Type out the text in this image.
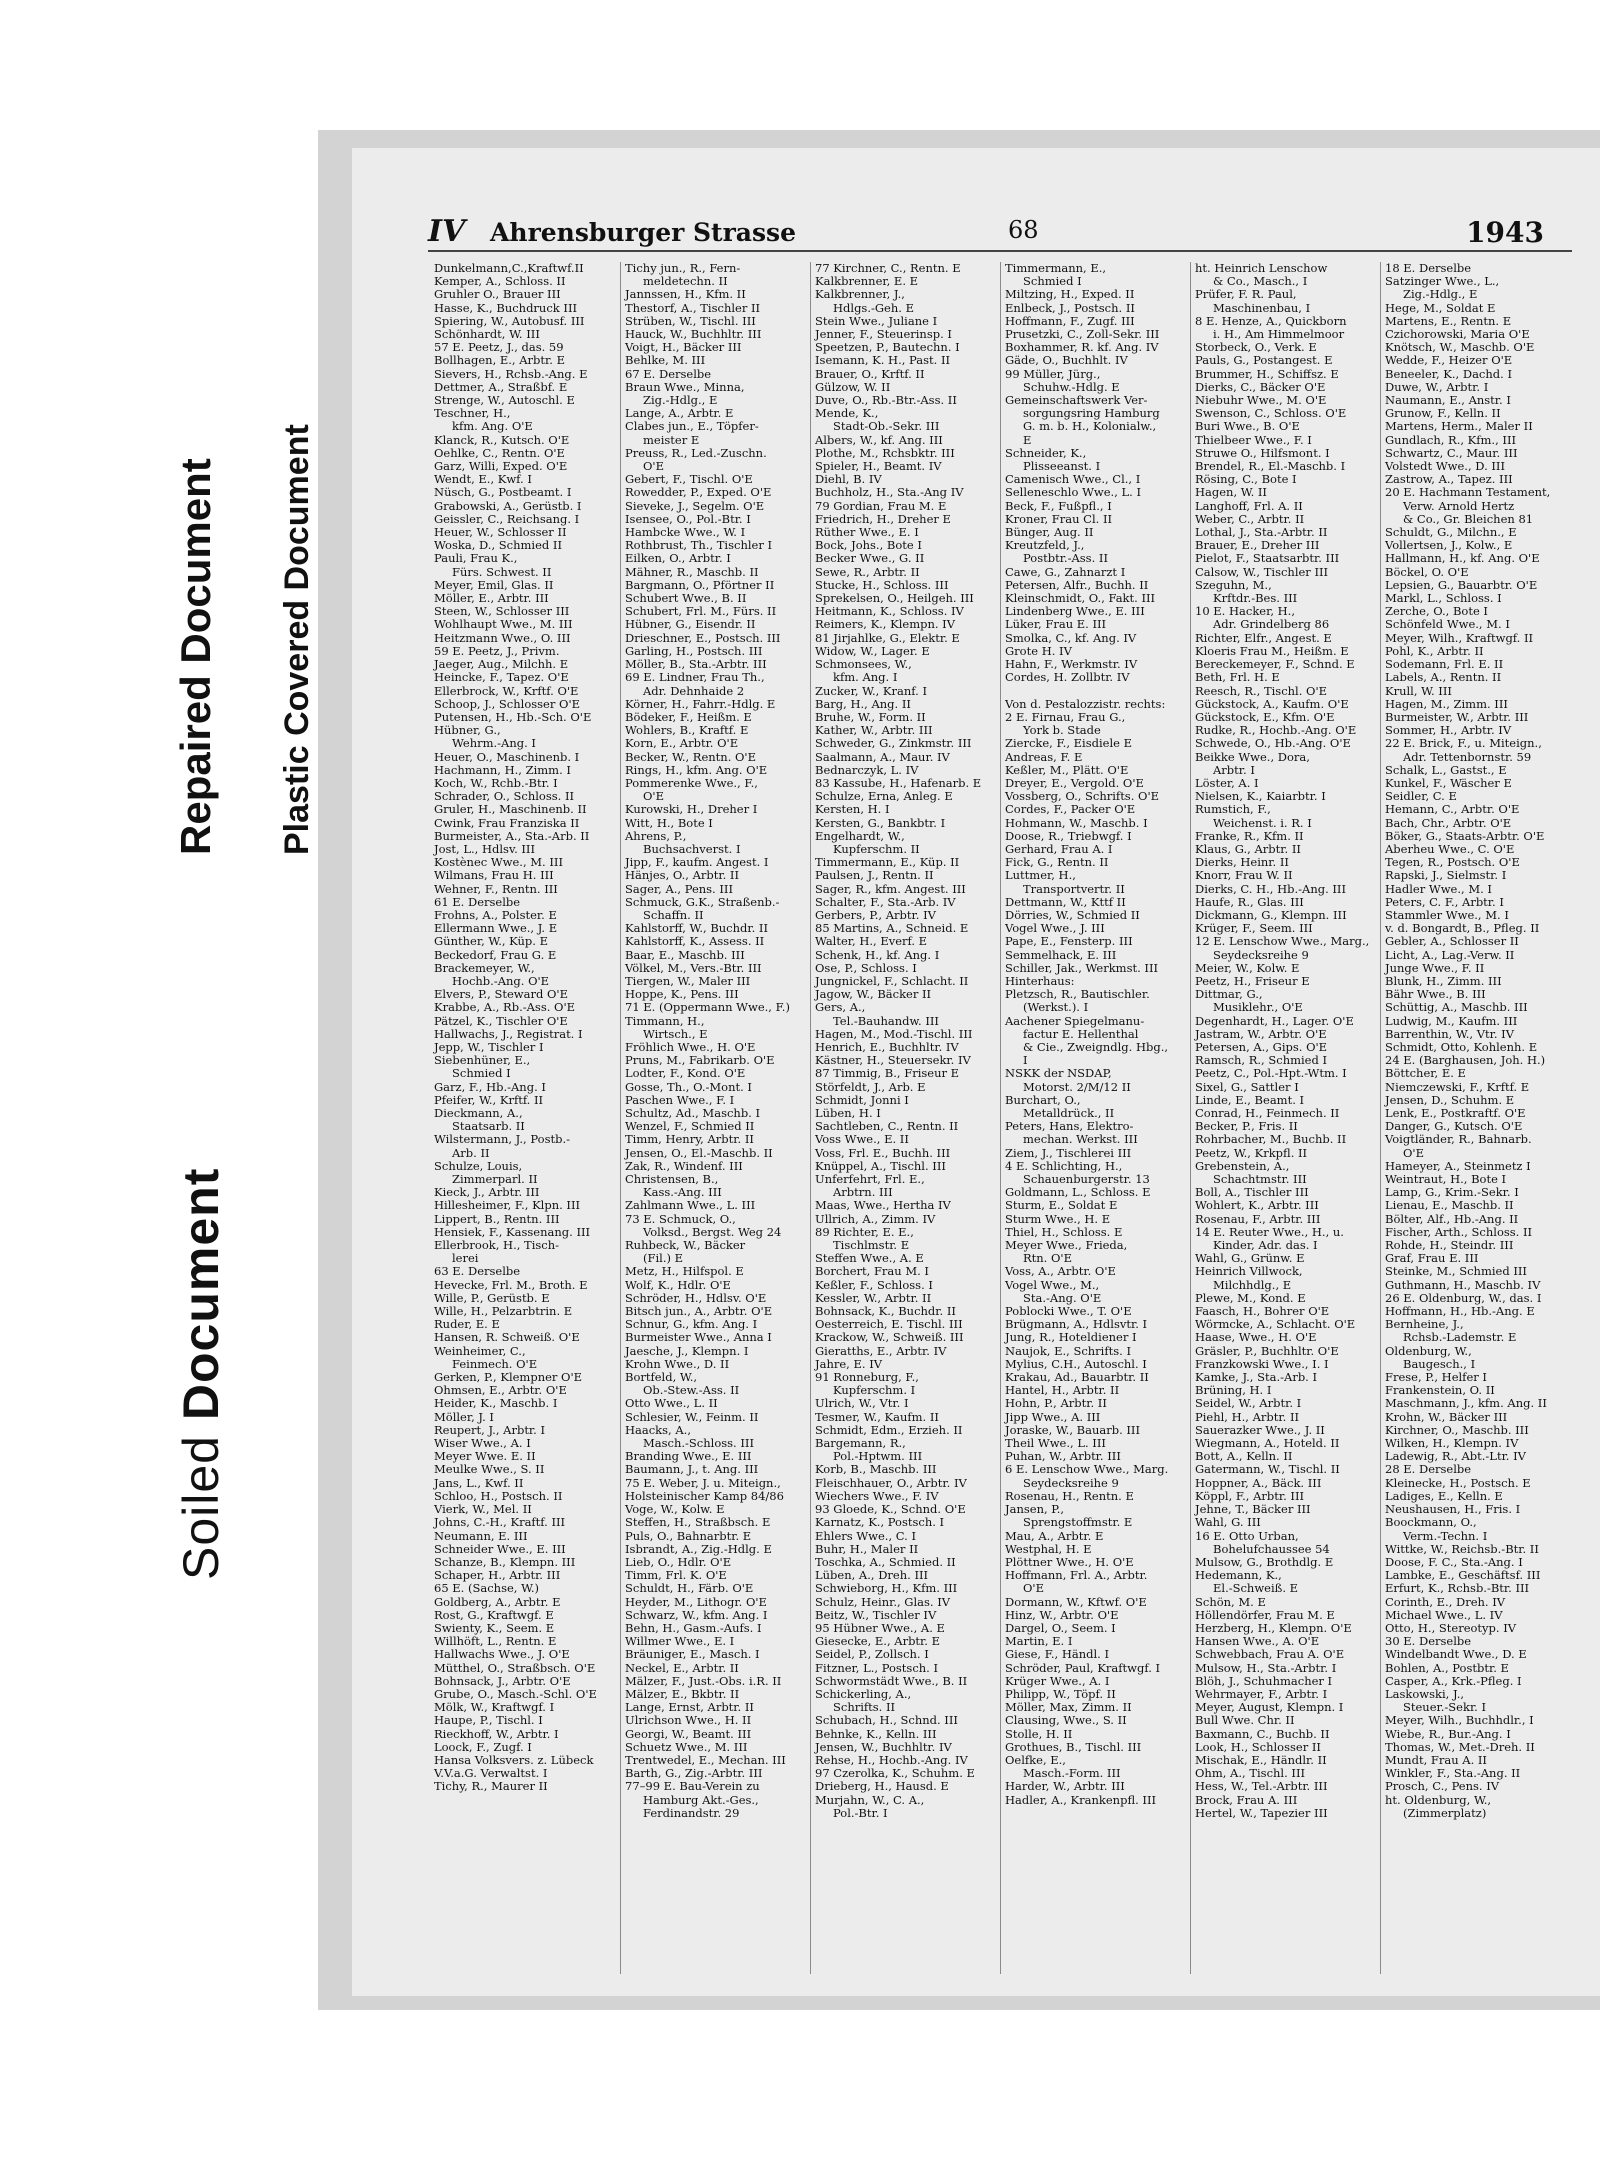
Repaired Document Plastic Covered Document
Soiled Document
IV Ahrensburger Strasse	68	1943
Dunkelmann,C.,Kraftwf.II
Kemper, A., Schloss. II
Gruhler O., Brauer III
Hasse, K., Buchdruck III
Spiering, W., Autobusf. III
Schönhardt, W. III
57 E. Peetz, J., das. 59
Bollhagen, E., Arbtr. E
Sievers, H., Rchsb.-Ang. E
Dettmer, A., Straßbf. E
Strenge, W., Autoschl. E
Teschner, H.,
kfm. Ang. O'E
Klanck, R., Kutsch. O'E
Oehlke, C., Rentn. O'E
Garz, Willi, Exped. O'E
Wendt, E., Kwf. I
Nüsch, G., Postbeamt. I
Grabowski, A., Gerüstb. I
Geissler, C., Reichsang. I
Heuer, W., Schlosser II
Woska, D., Schmied II
Pauli, Frau K.,
Fürs. Schwest. II
Meyer, Emil, Glas. II
Möller, E., Arbtr. III
Steen, W., Schlosser III
Wohlhaupt Wwe., M. III
Heitzmann Wwe., O. III
59 E. Peetz, J., Privm.
Jaeger, Aug., Milchh. E
Heincke, F., Tapez. O'E
Ellerbrock, W., Krftf. O'E
Schoop, J., Schlosser O'E
Putensen, H., Hb.-Sch. O'E
Hübner, G.,
Wehrm.-Ang. I
Heuer, O., Maschinenb. I
Hachmann, H., Zimm. I
Koch, W., Rchb.-Btr. I
Schrader, O., Schloss. II
Gruler, H., Maschinenb. II
Cwink, Frau Franziska II
Burmeister, A., Sta.-Arb. II
Jost, L., Hdlsv. III
Kostènec Wwe., M. III
Wilmans, Frau H. III
Wehner, F., Rentn. III
61 E. Derselbe
Frohns, A., Polster. E
Ellermann Wwe., J. E
Günther, W., Küp. E
Beckedorf, Frau G. E
Brackemeyer, W.,
Hochb.-Ang. O'E
Elvers, P., Steward O'E
Krabbe, A., Rb.-Ass. O'E
Pätzel, K., Tischler O'E
Hallwachs, J., Registrat. I
Jepp, W., Tischler I
Siebenhüner, E.,
Schmied I
Garz, F., Hb.-Ang. I
Pfeifer, W., Krftf. II
Dieckmann, A.,
Staatsarb. II
Wilstermann, J., Postb.-
Arb. II
Schulze, Louis,
Zimmerparl. II
Kieck, J., Arbtr. III
Hillesheimer, F., Klpn. III
Lippert, B., Rentn. III
Hensiek, F., Kassenang. III
Ellerbrook, H., Tisch-
lerei
63 E. Derselbe
Hevecke, Frl. M., Broth. E
Wille, P., Gerüstb. E
Wille, H., Pelzarbtrin. E
Ruder, E. E
Hansen, R. Schweiß. O'E
Weinheimer, C.,
Feinmech. O'E
Gerken, P., Klempner O'E
Ohmsen, E., Arbtr. O'E
Heider, K., Maschb. I
Möller, J. I
Reupert, J., Arbtr. I
Wiser Wwe., A. I
Meyer Wwe. E. II
Meulke Wwe., S. II
Jans, L., Kwf. II
Schloo, H., Postsch. II
Vierk, W., Mel. II
Johns, C.-H., Kraftf. III
Neumann, E. III
Schneider Wwe., E. III
Schanze, B., Klempn. III
Schaper, H., Arbtr. III
65 E. (Sachse, W.)
Goldberg, A., Arbtr. E
Rost, G., Kraftwgf. E
Swienty, K., Seem. E
Willhöft, L., Rentn. E
Hallwachs Wwe., J. O'E
Mütthel, O., Straßbsch. O'E
Bohnsack, J., Arbtr. O'E
Grube, O., Masch.-Schl. O'E
Mölk, W., Kraftwgf. I
Haupe, P., Tischl. I
Rieckhoff, W., Arbtr. I
Loock, F., Zugf. I
Hansa Volksvers. z. Lübeck
V.V.a.G. Verwaltst. I
Tichy, R., Maurer II
Tichy jun., R., Fern-
meldetechn. II
Jannssen, H., Kfm. II
Thestorf, A., Tischler II
Strüben, W., Tischl. III
Hauck, W., Buchhltr. III
Voigt, H., Bäcker III
Behlke, M. III
67 E. Derselbe
Braun Wwe., Minna,
Zig.-Hdlg., E
Lange, A., Arbtr. E
Clabes jun., E., Töpfer-
meister E
Preuss, R., Led.-Zuschn.
O'E
Gebert, F., Tischl. O'E
Rowedder, P., Exped. O'E
Sieveke, J., Segelm. O'E
Isensee, O., Pol.-Btr. I
Hambcke Wwe., W. I
Rothbrust, Th., Tischler I
Eilken, O., Arbtr. I
Mähner, R., Maschb. II
Bargmann, O., Pförtner II
Schubert Wwe., B. II
Schubert, Frl. M., Fürs. II
Hübner, G., Eisendr. II
Drieschner, E., Postsch. III
Garling, H., Postsch. III
Möller, B., Sta.-Arbtr. III
69 E. Lindner, Frau Th.,
Adr. Dehnhaide 2
Körner, H., Fahrr.-Hdlg. E
Bödeker, F., Heißm. E
Wohlers, B., Kraftf. E
Korn, E., Arbtr. O'E
Becker, W., Rentn. O'E
Rings, H., kfm. Ang. O'E
Pommerenke Wwe., F.,
O'E
Kurowski, H., Dreher I
Witt, H., Bote I
Ahrens, P.,
Buchsachverst. I
Jipp, F., kaufm. Angest. I
Hänjes, O., Arbtr. II
Sager, A., Pens. III
Schmuck, G.K., Straßenb.-
Schaffn. II
Kahlstorff, W., Buchdr. II
Kahlstorff, K., Assess. II
Baar, E., Maschb. III
Völkel, M., Vers.-Btr. III
Tiergen, W., Maler III
Hoppe, K., Pens. III
71 E. (Oppermann Wwe., F.)
Timmann, H.,
Wirtsch., E
Fröhlich Wwe., H. O'E
Pruns, M., Fabrikarb. O'E
Lodter, F., Kond. O'E
Gosse, Th., O.-Mont. I
Paschen Wwe., F. I
Schultz, Ad., Maschb. I
Wenzel, F., Schmied II
Timm, Henry, Arbtr. II
Jensen, O., El.-Maschb. II
Zak, R., Windenf. III
Christensen, B.,
Kass.-Ang. III
Zahlmann Wwe., L. III
73 E. Schmuck, O.,
Volksd., Bergst. Weg 24
Ruhbeck, W., Bäcker
(Fil.) E
Metz, H., Hilfspol. E
Wolf, K., Hdlr. O'E
Schröder, H., Hdlsv. O'E
Bitsch jun., A., Arbtr. O'E
Schnur, G., kfm. Ang. I
Burmeister Wwe., Anna I
Jaesche, J., Klempn. I
Krohn Wwe., D. II
Bortfeld, W.,
Ob.-Stew.-Ass. II
Otto Wwe., L. II
Schlesier, W., Feinm. II
Haacks, A.,
Masch.-Schloss. III
Branding Wwe., E. III
Baumann, J., t. Ang. III
75 E. Weber, J. u. Miteign.,
Holsteinischer Kamp 84/86
Voge, W., Kolw. E
Steffen, H., Straßbsch. E
Puls, O., Bahnarbtr. E
Isbrandt, A., Zig.-Hdlg. E
Lieb, O., Hdlr. O'E
Timm, Frl. K. O'E
Schuldt, H., Färb. O'E
Heyder, M., Lithogr. O'E
Schwarz, W., kfm. Ang. I
Behn, H., Gasm.-Aufs. I
Willmer Wwe., E. I
Bräuniger, E., Masch. I
Neckel, E., Arbtr. II
Mälzer, F., Just.-Obs. i.R. II
Mälzer, E., Bkbtr. II
Lange, Ernst, Arbtr. II
Ulrichson Wwe., H. II
Georgi, W., Beamt. III
Schuetz Wwe., M. III
Trentwedel, E., Mechan. III
Barth, G., Zig.-Arbtr. III
77–99 E. Bau-Verein zu
Hamburg Akt.-Ges.,
Ferdinandstr. 29
77 Kirchner, C., Rentn. E
Kalkbrenner, E. E
Kalkbrenner, J.,
Hdlgs.-Geh. E
Stein Wwe., Juliane I
Jenner, F., Steuerinsp. I
Speetzen, P., Bautechn. I
Isemann, K. H., Past. II
Brauer, O., Krftf. II
Gülzow, W. II
Duve, O., Rb.-Btr.-Ass. II
Mende, K.,
Stadt-Ob.-Sekr. III
Albers, W., kf. Ang. III
Plothe, M., Rchsbktr. III
Spieler, H., Beamt. IV
Diehl, B. IV
Buchholz, H., Sta.-Ang IV
79 Gordian, Frau M. E
Friedrich, H., Dreher E
Rüther Wwe., E. I
Bock, Johs., Bote I
Becker Wwe., G. II
Sewe, R., Arbtr. II
Stucke, H., Schloss. III
Sprekelsen, O., Heilgeh. III
Heitmann, K., Schloss. IV
Reimers, K., Klempn. IV
81 Jirjahlke, G., Elektr. E
Widow, W., Lager. E
Schmonsees, W.,
kfm. Ang. I
Zucker, W., Kranf. I
Barg, H., Ang. II
Bruhe, W., Form. II
Kather, W., Arbtr. III
Schweder, G., Zinkmstr. III
Saalmann, A., Maur. IV
Bednarczyk, L. IV
83 Kassube, H., Hafenarb. E
Schulze, Erna, Anleg. E
Kersten, H. I
Kersten, G., Bankbtr. I
Engelhardt, W.,
Kupferschm. II
Timmermann, E., Küp. II
Paulsen, J., Rentn. II
Sager, R., kfm. Angest. III
Schalter, F., Sta.-Arb. IV
Gerbers, P., Arbtr. IV
85 Martins, A., Schneid. E
Walter, H., Everf. E
Schenk, H., kf. Ang. I
Ose, P., Schloss. I
Jungnickel, F., Schlacht. II
Jagow, W., Bäcker II
Gers, A.,
Tel.-Bauhandw. III
Hagen, M., Mod.-Tischl. III
Henrich, E., Buchhltr. IV
Kästner, H., Steuersekr. IV
87 Timmig, B., Friseur E
Störfeldt, J., Arb. E
Schmidt, Jonni I
Lüben, H. I
Sachtleben, C., Rentn. II
Voss Wwe., E. II
Voss, Frl. E., Buchh. III
Knüppel, A., Tischl. III
Unferfehrt, Frl. E.,
Arbtrn. III
Maas, Wwe., Hertha IV
Ullrich, A., Zimm. IV
89 Richter, E. E.,
Tischlmstr. E
Steffen Wwe., A. E
Borchert, Frau M. I
Keßler, F., Schloss. I
Kessler, W., Arbtr. II
Bohnsack, K., Buchdr. II
Oesterreich, E. Tischl. III
Krackow, W., Schweiß. III
Gieratths, E., Arbtr. IV
Jahre, E. IV
91 Ronneburg, F.,
Kupferschm. I
Ulrich, W., Vtr. I
Tesmer, W., Kaufm. II
Schmidt, Edm., Erzieh. II
Bargemann, R.,
Pol.-Hptwm. III
Korb, B., Maschb. III
Fleischhauer, O., Arbtr. IV
Wiechers Wwe., F. IV
93 Gloede, K., Schnd. O'E
Karnatz, K., Postsch. I
Ehlers Wwe., C. I
Buhr, H., Maler II
Toschka, A., Schmied. II
Lüben, A., Dreh. III
Schwieborg, H., Kfm. III
Schulz, Heinr., Glas. IV
Beitz, W., Tischler IV
95 Hübner Wwe., A. E
Giesecke, E., Arbtr. E
Seidel, P., Zollsch. I
Fitzner, L., Postsch. I
Schwormstädt Wwe., B. II
Schickerling, A.,
Schrifts. II
Schubach, H., Schnd. III
Behnke, K., Kelln. III
Jensen, W., Buchhltr. IV
Rehse, H., Hochb.-Ang. IV
97 Czerolka, K., Schuhm. E
Drieberg, H., Hausd. E
Murjahn, W., C. A.,
Pol.-Btr. I
Timmermann, E.,
Schmied I
Miltzing, H., Exped. II
Enlbeck, J., Postsch. II
Hoffmann, F., Zugf. III
Prusetzki, C., Zoll-Sekr. III
Boxhammer, R. kf. Ang. IV
Gäde, O., Buchhlt. IV
99 Müller, Jürg.,
Schuhw.-Hdlg. E
Gemeinschaftswerk Ver-
sorgungsring Hamburg
G. m. b. H., Kolonialw.,
E
Schneider, K.,
Plisseeanst. I
Camenisch Wwe., Cl., I
Selleneschlo Wwe., L. I
Beck, F., Fußpfl., I
Kroner, Frau Cl. II
Bünger, Aug. II
Kreutzfeld, J.,
Postbtr.-Ass. II
Cawe, G., Zahnarzt I
Petersen, Alfr., Buchh. II
Kleinschmidt, O., Fakt. III
Lindenberg Wwe., E. III
Lüker, Frau E. III
Smolka, C., kf. Ang. IV
Grote H. IV
Hahn, F., Werkmstr. IV
Cordes, H. Zollbtr. IV

Von d. Pestalozzistr. rechts:
2 E. Firnau, Frau G.,
York b. Stade
Ziercke, F., Eisdiele E
Andreas, F. E
Keßler, M., Plätt. O'E
Dreyer, E., Vergold. O'E
Vossberg, O., Schrifts. O'E
Cordes, F., Packer O'E
Hohmann, W., Maschb. I
Doose, R., Triebwgf. I
Gerhard, Frau A. I
Fick, G., Rentn. II
Luttmer, H.,
Transportvertr. II
Dettmann, W., Kttf II
Dörries, W., Schmied II
Vogel Wwe., J. III
Pape, E., Fensterp. III
Semmelhack, E. III
Schiller, Jak., Werkmst. III
Hinterhaus:
Pletzsch, R., Bautischler.
(Werkst.). I
Aachener Spiegelmanu-
factur E. Hellenthal
& Cie., Zweigndlg. Hbg.,
I
NSKK der NSDAP,
Motorst. 2/M/12 II
Burchart, O.,
Metalldrück., II
Peters, Hans, Elektro-
mechan. Werkst. III
Ziem, J., Tischlerei III
4 E. Schlichting, H.,
Schauenburgerstr. 13
Goldmann, L., Schloss. E
Sturm, E., Soldat E
Sturm Wwe., H. E
Thiel, H., Schloss. E
Meyer Wwe., Frieda,
Rtn. O'E
Voss, A., Arbtr. O'E
Vogel Wwe., M.,
Sta.-Ang. O'E
Poblocki Wwe., T. O'E
Brügmann, A., Hdlsvtr. I
Jung, R., Hoteldiener I
Naujok, E., Schrifts. I
Mylius, C.H., Autoschl. I
Krakau, Ad., Bauarbtr. II
Hantel, H., Arbtr. II
Hohn, P., Arbtr. II
Jipp Wwe., A. III
Joraske, W., Bauarb. III
Theil Wwe., L. III
Puhan, W., Arbtr. III
6 E. Lenschow Wwe., Marg.
Seydecksreihe 9
Rosenau, H., Rentn. E
Jansen, P.,
Sprengstoffmstr. E
Mau, A., Arbtr. E
Westphal, H. E
Plöttner Wwe., H. O'E
Hoffmann, Frl. A., Arbtr.
O'E
Dormann, W., Kftwf. O'E
Hinz, W., Arbtr. O'E
Dargel, O., Seem. I
Martin, E. I
Giese, F., Händl. I
Schröder, Paul, Kraftwgf. I
Krüger Wwe., A. I
Philipp, W., Töpf. II
Möller, Max, Zimm. II
Clausing, Wwe., S. II
Stolle, H. II
Grothues, B., Tischl. III
Oelfke, E.,
Masch.-Form. III
Harder, W., Arbtr. III
Hadler, A., Krankenpfl. III
ht. Heinrich Lenschow
& Co., Masch., I
Prüfer, F. R. Paul,
Maschinenbau, I
8 E. Henze, A., Quickborn
i. H., Am Himmelmoor
Storbeck, O., Verk. E
Pauls, G., Postangest. E
Brummer, H., Schiffsz. E
Dierks, C., Bäcker O'E
Niebuhr Wwe., M. O'E
Swenson, C., Schloss. O'E
Buri Wwe., B. O'E
Thielbeer Wwe., F. I
Struwe O., Hilfsmont. I
Brendel, R., El.-Maschb. I
Rösing, C., Bote I
Hagen, W. II
Langhoff, Frl. A. II
Weber, C., Arbtr. II
Lothal, J., Sta.-Arbtr. II
Brauer, E., Dreher III
Pielot, F., Staatsarbtr. III
Calsow, W., Tischler III
Szeguhn, M.,
Krftdr.-Bes. III
10 E. Hacker, H.,
Adr. Grindelberg 86
Richter, Elfr., Angest. E
Kloeris Frau M., Heißm. E
Bereckemeyer, F., Schnd. E
Beth, Frl. H. E
Reesch, R., Tischl. O'E
Gückstock, A., Kaufm. O'E
Gückstock, E., Kfm. O'E
Rudke, R., Hochb.-Ang. O'E
Schwede, O., Hb.-Ang. O'E
Beikke Wwe., Dora,
Arbtr. I
Löster, A. I
Nielsen, K., Kaiarbtr. I
Rumstich, F.,
Weichenst. i. R. I
Franke, R., Kfm. II
Klaus, G., Arbtr. II
Dierks, Heinr. II
Knorr, Frau W. II
Dierks, C. H., Hb.-Ang. III
Haufe, R., Glas. III
Dickmann, G., Klempn. III
Krüger, F., Seem. III
12 E. Lenschow Wwe., Marg.,
Seydecksreihe 9
Meier, W., Kolw. E
Peetz, H., Friseur E
Dittmar, G.,
Musiklehr., O'E
Degenhardt, H., Lager. O'E
Jastram, W., Arbtr. O'E
Petersen, A., Gips. O'E
Ramsch, R., Schmied I
Peetz, C., Pol.-Hpt.-Wtm. I
Sixel, G., Sattler I
Linde, E., Beamt. I
Conrad, H., Feinmech. II
Becker, P., Fris. II
Rohrbacher, M., Buchb. II
Peetz, W., Krkpfl. II
Grebenstein, A.,
Schachtmstr. III
Boll, A., Tischler III
Wohlert, K., Arbtr. III
Rosenau, F., Arbtr. III
14 E. Reuter Wwe., H., u.
Kinder, Adr. das. I
Wahl, G., Grünw. E
Heinrich Villwock,
Milchhdlg., E
Plewe, M., Kond. E
Faasch, H., Bohrer O'E
Wörmcke, A., Schlacht. O'E
Haase, Wwe., H. O'E
Gräsler, P., Buchhltr. O'E
Franzkowski Wwe., I. I
Kamke, J., Sta.-Arb. I
Brüning, H. I
Seidel, W., Arbtr. I
Piehl, H., Arbtr. II
Sauerazker Wwe., J. II
Wiegmann, A., Hoteld. II
Bott, A., Kelln. II
Gatermann, W., Tischl. II
Hoppner, A., Bäck. III
Köppl, F., Arbtr. III
Jehne, T., Bäcker III
Wahl, G. III
16 E. Otto Urban,
Bohelufchaussee 54
Mulsow, G., Brothdlg. E
Hedemann, K.,
El.-Schweiß. E
Schön, M. E
Höllendörfer, Frau M. E
Herzberg, H., Klempn. O'E
Hansen Wwe., A. O'E
Schwebbach, Frau A. O'E
Mulsow, H., Sta.-Arbtr. I
Blöh, J., Schuhmacher I
Wehrmayer, F., Arbtr. I
Meyer, August, Klempn. I
Bull Wwe. Chr. II
Baxmann, C., Buchb. II
Look, H., Schlosser II
Mischak, E., Händlr. II
Ohm, A., Tischl. III
Hess, W., Tel.-Arbtr. III
Brock, Frau A. III
Hertel, W., Tapezier III
18 E. Derselbe
Satzinger Wwe., L.,
Zig.-Hdlg., E
Hege, M., Soldat E
Martens, E., Rentn. E
Czichorowski, Maria O'E
Knötsch, W., Maschb. O'E
Wedde, F., Heizer O'E
Beneeler, K., Dachd. I
Duwe, W., Arbtr. I
Naumann, E., Anstr. I
Grunow, F., Kelln. II
Martens, Herm., Maler II
Gundlach, R., Kfm., III
Schwartz, C., Maur. III
Volstedt Wwe., D. III
Zastrow, A., Tapez. III
20 E. Hachmann Testament,
Verw. Arnold Hertz
& Co., Gr. Bleichen 81
Schuldt, G., Milchn., E
Vollertsen, J., Kolw., E
Hallmann, H., kf. Ang. O'E
Böckel, O. O'E
Lepsien, G., Bauarbtr. O'E
Markl, L., Schloss. I
Zerche, O., Bote I
Schönfeld Wwe., M. I
Meyer, Wilh., Kraftwgf. II
Pohl, K., Arbtr. II
Sodemann, Frl. E. II
Labels, A., Rentn. II
Krull, W. III
Hagen, M., Zimm. III
Burmeister, W., Arbtr. III
Sommer, H., Arbtr. IV
22 E. Brick, F., u. Miteign.,
Adr. Tettenbornstr. 59
Schalk, L., Gastst., E
Kunkel, F., Wäscher E
Seidler, C. E
Hemann, C., Arbtr. O'E
Bach, Chr., Arbtr. O'E
Böker, G., Staats-Arbtr. O'E
Aberheu Wwe., C. O'E
Tegen, R., Postsch. O'E
Rapski, J., Sielmstr. I
Hadler Wwe., M. I
Peters, C. F., Arbtr. I
Stammler Wwe., M. I
v. d. Bongardt, B., Pfleg. II
Gebler, A., Schlosser II
Licht, A., Lag.-Verw. II
Junge Wwe., F. II
Blunk, H., Zimm. III
Bähr Wwe., B. III
Schüttig, A., Maschb. III
Ludwig, M., Kaufm. III
Barrenthin, W., Vtr. IV
Schmidt, Otto, Kohlenh. E
24 E. (Barghausen, Joh. H.)
Böttcher, E. E
Niemczewski, F., Krftf. E
Jensen, D., Schuhm. E
Lenk, E., Postkraftf. O'E
Danger, G., Kutsch. O'E
Voigtländer, R., Bahnarb.
O'E
Hameyer, A., Steinmetz I
Weintraut, H., Bote I
Lamp, G., Krim.-Sekr. I
Lienau, E., Maschb. II
Bölter, Alf., Hb.-Ang. II
Fischer, Arth., Schloss. II
Rohde, H., Steindr. III
Graf, Frau E. III
Steinke, M., Schmied III
Guthmann, H., Maschb. IV
26 E. Oldenburg, W., das. I
Hoffmann, H., Hb.-Ang. E
Bernheine, J.,
Rchsb.-Lademstr. E
Oldenburg, W.,
Baugesch., I
Frese, P., Helfer I
Frankenstein, O. II
Maschmann, J., kfm. Ang. II
Krohn, W., Bäcker III
Kirchner, O., Maschb. III
Wilken, H., Klempn. IV
Ladewig, R., Abt.-Ltr. IV
28 E. Derselbe
Kleinecke, H., Postsch. E
Ladiges, E., Kelln. E
Neushausen, H., Fris. I
Boockmann, O.,
Verm.-Techn. I
Wittke, W., Reichsb.-Btr. II
Doose, F. C., Sta.-Ang. I
Lambke, E., Geschäftsf. III
Erfurt, K., Rchsb.-Btr. III
Corinth, E., Dreh. IV
Michael Wwe., L. IV
Otto, H., Stereotyp. IV
30 E. Derselbe
Windelbandt Wwe., D. E
Bohlen, A., Postbtr. E
Casper, A., Krk.-Pfleg. I
Laskowski, J.,
Steuer.-Sekr. I
Meyer, Wilh., Buchhdlr., I
Wiebe, R., Bur.-Ang. I
Thomas, W., Met.-Dreh. II
Mundt, Frau A. II
Winkler, F., Sta.-Ang. II
Prosch, C., Pens. IV
ht. Oldenburg, W.,
(Zimmerplatz)
